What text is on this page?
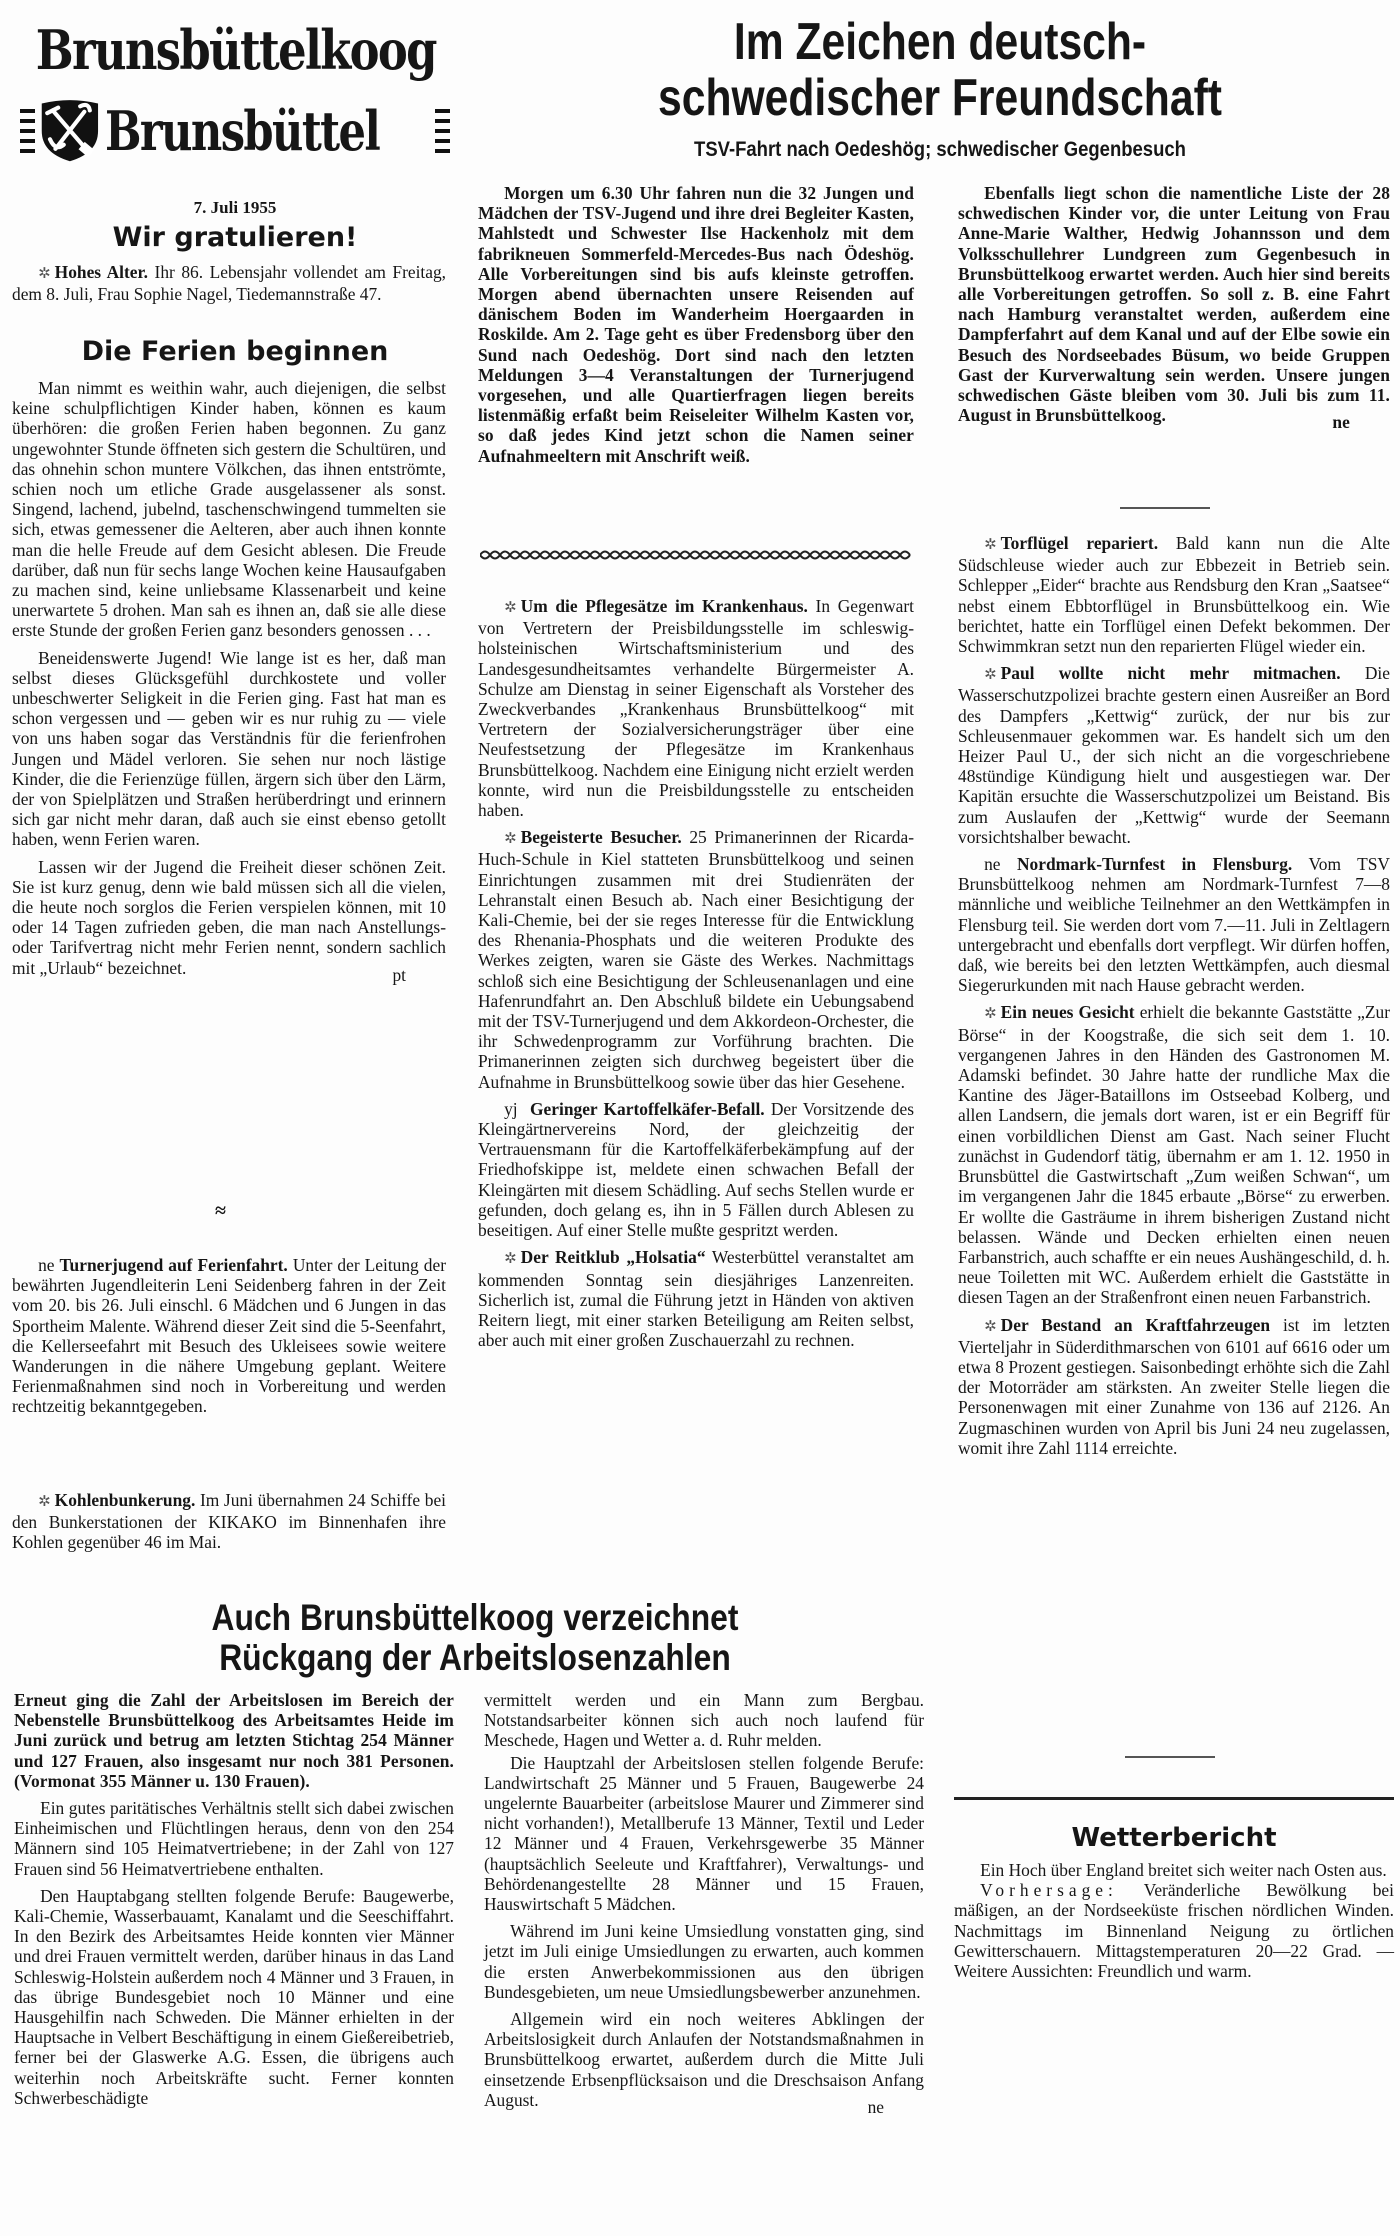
Brunsbüttelkoog
Brunsbüttel
7. Juli 1955
Wir gratulieren!

✲ Hohes Alter. Ihr 86. Lebensjahr vollendet am Freitag, dem 8. Juli, Frau Sophie Nagel, Tiedemannstraße 47.

Die Ferien beginnen

Man nimmt es weithin wahr, auch diejenigen, die selbst keine schulpflichtigen Kinder haben, können es kaum überhören: die großen Ferien haben begonnen. Zu ganz ungewohnter Stunde öffneten sich gestern die Schultüren, und das ohnehin schon muntere Völkchen, das ihnen entströmte, schien noch um etliche Grade ausgelassener als sonst. Singend, lachend, jubelnd, taschenschwingend tummelten sie sich, etwas gemessener die Aelteren, aber auch ihnen konnte man die helle Freude auf dem Gesicht ablesen. Die Freude darüber, daß nun für sechs lange Wochen keine Hausaufgaben zu machen sind, keine unliebsame Klassenarbeit und keine unerwartete 5 drohen. Man sah es ihnen an, daß sie alle diese erste Stunde der großen Ferien ganz besonders genossen . . .

Beneidenswerte Jugend! Wie lange ist es her, daß man selbst dieses Glücksgefühl durchkostete und voller unbeschwerter Seligkeit in die Ferien ging. Fast hat man es schon vergessen und — geben wir es nur ruhig zu — viele von uns haben sogar das Verständnis für die ferienfrohen Jungen und Mädel verloren. Sie sehen nur noch lästige Kinder, die die Ferienzüge füllen, ärgern sich über den Lärm, der von Spielplätzen und Straßen herüberdringt und erinnern sich gar nicht mehr daran, daß auch sie einst ebenso getollt haben, wenn Ferien waren.

Lassen wir der Jugend die Freiheit dieser schönen Zeit. Sie ist kurz genug, denn wie bald müssen sich all die vielen, die heute noch sorglos die Ferien verspielen können, mit 10 oder 14 Tagen zufrieden geben, die man nach Anstellungs- oder Tarifvertrag nicht mehr Ferien nennt, sondern sachlich mit „Urlaub“ bezeichnet.	pt
≈

ne Turnerjugend auf Ferienfahrt. Unter der Leitung der bewährten Jugendleiterin Leni Seidenberg fahren in der Zeit vom 20. bis 26. Juli einschl. 6 Mädchen und 6 Jungen in das Sportheim Malente. Während dieser Zeit sind die 5-Seenfahrt, die Kellerseefahrt mit Besuch des Ukleisees sowie weitere Wanderungen in die nähere Umgebung geplant. Weitere Ferienmaßnahmen sind noch in Vorbereitung und werden rechtzeitig bekanntgegeben.

✲ Kohlenbunkerung. Im Juni übernahmen 24 Schiffe bei den Bunkerstationen der KIKAKO im Binnenhafen ihre Kohlen gegenüber 46 im Mai.

Im Zeichen deutsch-
schwedischer Freundschaft
TSV-Fahrt nach Oedeshög; schwedischer Gegenbesuch

Morgen um 6.30 Uhr fahren nun die 32 Jungen und Mädchen der TSV-Jugend und ihre drei Begleiter Kasten, Mahlstedt und Schwester Ilse Hackenholz mit dem fabrikneuen Sommerfeld-Mercedes-Bus nach Ödeshög. Alle Vorbereitungen sind bis aufs kleinste getroffen. Morgen abend übernachten unsere Reisenden auf dänischem Boden im Wanderheim Hoergaarden in Roskilde. Am 2. Tage geht es über Fredensborg über den Sund nach Oedeshög. Dort sind nach den letzten Meldungen 3—4 Veranstaltungen der Turnerjugend vorgesehen, und alle Quartierfragen liegen bereits listenmäßig erfaßt beim Reiseleiter Wilhelm Kasten vor, so daß jedes Kind jetzt schon die Namen seiner Aufnahmeeltern mit Anschrift weiß.

Ebenfalls liegt schon die namentliche Liste der 28 schwedischen Kinder vor, die unter Leitung von Frau Anne-Marie Walther, Hedwig Johannsson und dem Volksschullehrer Lundgreen zum Gegenbesuch in Brunsbüttelkoog erwartet werden. Auch hier sind bereits alle Vorbereitungen getroffen. So soll z. B. eine Fahrt nach Hamburg veranstaltet werden, außerdem eine Dampferfahrt auf dem Kanal und auf der Elbe sowie ein Besuch des Nordseebades Büsum, wo beide Gruppen Gast der Kurverwaltung sein werden. Unsere jungen schwedischen Gäste bleiben vom 30. Juli bis zum 11. August in Brunsbüttelkoog.	ne

✲ Um die Pflegesätze im Krankenhaus. In Gegenwart von Vertretern der Preisbildungsstelle im schleswig-holsteinischen Wirtschaftsministerium und des Landesgesundheitsamtes verhandelte Bürgermeister A. Schulze am Dienstag in seiner Eigenschaft als Vorsteher des Zweckverbandes „Krankenhaus Brunsbüttelkoog“ mit Vertretern der Sozialversicherungsträger über eine Neufestsetzung der Pflegesätze im Krankenhaus Brunsbüttelkoog. Nachdem eine Einigung nicht erzielt werden konnte, wird nun die Preisbildungsstelle zu entscheiden haben.

✲ Begeisterte Besucher. 25 Primanerinnen der Ricarda-Huch-Schule in Kiel statteten Brunsbüttelkoog und seinen Einrichtungen zusammen mit drei Studienräten der Lehranstalt einen Besuch ab. Nach einer Besichtigung der Kali-Chemie, bei der sie reges Interesse für die Entwicklung des Rhenania-Phosphats und die weiteren Produkte des Werkes zeigten, waren sie Gäste des Werkes. Nachmittags schloß sich eine Besichtigung der Schleusenanlagen und eine Hafenrundfahrt an. Den Abschluß bildete ein Uebungsabend mit der TSV-Turnerjugend und dem Akkordeon-Orchester, die ihr Schwedenprogramm zur Vorführung brachten. Die Primanerinnen zeigten sich durchweg begeistert über die Aufnahme in Brunsbüttelkoog sowie über das hier Gesehene.

yj Geringer Kartoffelkäfer-Befall. Der Vorsitzende des Kleingärtnervereins Nord, der gleichzeitig der Vertrauensmann für die Kartoffelkäferbekämpfung auf der Friedhofskippe ist, meldete einen schwachen Befall der Kleingärten mit diesem Schädling. Auf sechs Stellen wurde er gefunden, doch gelang es, ihn in 5 Fällen durch Ablesen zu beseitigen. Auf einer Stelle mußte gespritzt werden.

✲ Der Reitklub „Holsatia“ Westerbüttel veranstaltet am kommenden Sonntag sein diesjähriges Lanzenreiten. Sicherlich ist, zumal die Führung jetzt in Händen von aktiven Reitern liegt, mit einer starken Beteiligung am Reiten selbst, aber auch mit einer großen Zuschauerzahl zu rechnen.

✲ Torflügel repariert. Bald kann nun die Alte Südschleuse wieder auch zur Ebbezeit in Betrieb sein. Schlepper „Eider“ brachte aus Rendsburg den Kran „Saatsee“ nebst einem Ebbtorflügel in Brunsbüttelkoog ein. Wie berichtet, hatte ein Torflügel einen Defekt bekommen. Der Schwimmkran setzt nun den reparierten Flügel wieder ein.

✲ Paul wollte nicht mehr mitmachen. Die Wasserschutzpolizei brachte gestern einen Ausreißer an Bord des Dampfers „Kettwig“ zurück, der nur bis zur Schleusenmauer gekommen war. Es handelt sich um den Heizer Paul U., der sich nicht an die vorgeschriebene 48stündige Kündigung hielt und ausgestiegen war. Der Kapitän ersuchte die Wasserschutzpolizei um Beistand. Bis zum Auslaufen der „Kettwig“ wurde der Seemann vorsichtshalber bewacht.

ne Nordmark-Turnfest in Flensburg. Vom TSV Brunsbüttelkoog nehmen am Nordmark-Turnfest 7—8 männliche und weibliche Teilnehmer an den Wettkämpfen in Flensburg teil. Sie werden dort vom 7.—11. Juli in Zeltlagern untergebracht und ebenfalls dort verpflegt. Wir dürfen hoffen, daß, wie bereits bei den letzten Wettkämpfen, auch diesmal Siegerurkunden mit nach Hause gebracht werden.

✲ Ein neues Gesicht erhielt die bekannte Gaststätte „Zur Börse“ in der Koogstraße, die sich seit dem 1. 10. vergangenen Jahres in den Händen des Gastronomen M. Adamski befindet. 30 Jahre hatte der rundliche Max die Kantine des Jäger-Bataillons im Ostseebad Kolberg, und allen Landsern, die jemals dort waren, ist er ein Begriff für einen vorbildlichen Dienst am Gast. Nach seiner Flucht zunächst in Gudendorf tätig, übernahm er am 1. 12. 1950 in Brunsbüttel die Gastwirtschaft „Zum weißen Schwan“, um im vergangenen Jahr die 1845 erbaute „Börse“ zu erwerben. Er wollte die Gasträume in ihrem bisherigen Zustand nicht belassen. Wände und Decken erhielten einen neuen Farbanstrich, auch schaffte er ein neues Aushängeschild, d. h. neue Toiletten mit WC. Außerdem erhielt die Gaststätte in diesen Tagen an der Straßenfront einen neuen Farbanstrich.

✲ Der Bestand an Kraftfahrzeugen ist im letzten Vierteljahr in Süderdithmarschen von 6101 auf 6616 oder um etwa 8 Prozent gestiegen. Saisonbedingt erhöhte sich die Zahl der Motorräder am stärksten. An zweiter Stelle liegen die Personenwagen mit einer Zunahme von 136 auf 2126. An Zugmaschinen wurden von April bis Juni 24 neu zugelassen, womit ihre Zahl 1114 erreichte.

Wetterbericht

Ein Hoch über England breitet sich weiter nach Osten aus.

Vorhersage: Veränderliche Bewölkung bei mäßigen, an der Nordseeküste frischen nördlichen Winden. Nachmittags im Binnenland Neigung zu örtlichen Gewitterschauern. Mittagstemperaturen 20—22 Grad. — Weitere Aussichten: Freundlich und warm.

Auch Brunsbüttelkoog verzeichnet
Rückgang der Arbeitslosenzahlen

Erneut ging die Zahl der Arbeitslosen im Bereich der Nebenstelle Brunsbüttelkoog des Arbeitsamtes Heide im Juni zurück und betrug am letzten Stichtag 254 Männer und 127 Frauen, also insgesamt nur noch 381 Personen. (Vormonat 355 Männer u. 130 Frauen).

Ein gutes paritätisches Verhältnis stellt sich dabei zwischen Einheimischen und Flüchtlingen heraus, denn von den 254 Männern sind 105 Heimatvertriebene; in der Zahl von 127 Frauen sind 56 Heimatvertriebene enthalten.

Den Hauptabgang stellten folgende Berufe: Baugewerbe, Kali-Chemie, Wasserbauamt, Kanalamt und die Seeschiffahrt. In den Bezirk des Arbeitsamtes Heide konnten vier Männer und drei Frauen vermittelt werden, darüber hinaus in das Land Schleswig-Holstein außerdem noch 4 Männer und 3 Frauen, in das übrige Bundesgebiet noch 10 Männer und eine Hausgehilfin nach Schweden. Die Männer erhielten in der Hauptsache in Velbert Beschäftigung in einem Gießereibetrieb, ferner bei der Glaswerke A.G. Essen, die übrigens auch weiterhin noch Arbeitskräfte sucht. Ferner konnten Schwerbeschädigte

vermittelt werden und ein Mann zum Bergbau. Notstandsarbeiter können sich auch noch laufend für Meschede, Hagen und Wetter a. d. Ruhr melden.

Die Hauptzahl der Arbeitslosen stellen folgende Berufe: Landwirtschaft 25 Männer und 5 Frauen, Baugewerbe 24 ungelernte Bauarbeiter (arbeitslose Maurer und Zimmerer sind nicht vorhanden!), Metallberufe 13 Männer, Textil und Leder 12 Männer und 4 Frauen, Verkehrsgewerbe 35 Männer (hauptsächlich Seeleute und Kraftfahrer), Verwaltungs- und Behördenangestellte 28 Männer und 15 Frauen, Hauswirtschaft 5 Mädchen.

Während im Juni keine Umsiedlung vonstatten ging, sind jetzt im Juli einige Umsiedlungen zu erwarten, auch kommen die ersten Anwerbekommissionen aus den übrigen Bundesgebieten, um neue Umsiedlungsbewerber anzunehmen.

Allgemein wird ein noch weiteres Abklingen der Arbeitslosigkeit durch Anlaufen der Notstandsmaßnahmen in Brunsbüttelkoog erwartet, außerdem durch die Mitte Juli einsetzende Erbsenpflücksaison und die Dreschsaison Anfang August.	ne
